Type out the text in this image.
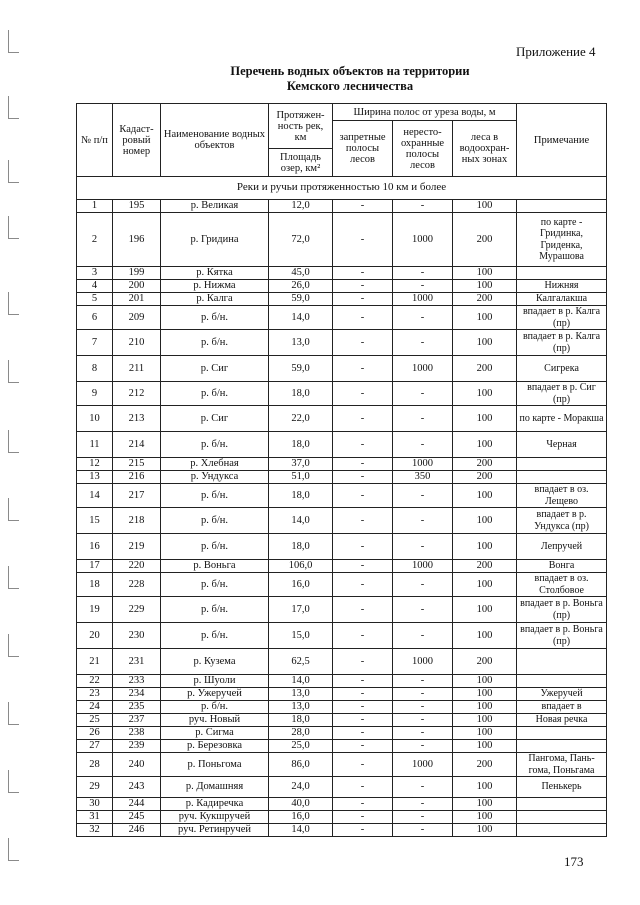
Приложение 4
Перечень водных объектов на территории
Кемского лесничества
№ п/п	Кадаст-ровый номер	Наименование водных объектов	Протяжен-ность рек, км	Ширина полос от уреза воды, м			Примечание
				запретные полосы лесов	нересто-охранные полосы лесов	леса в водоохран-ных зонах	
			Площадь озер, км²				
Реки и ручьи протяженностью 10 км и более							
1	195	р. Великая	12,0	-	-	100	
2	196	р. Гридина	72,0	-	1000	200	по карте - Гридинка, Гриденка, Мурашова
3	199	р. Кятка	45,0	-	-	100	
4	200	р. Нижма	26,0	-	-	100	Нижняя
5	201	р. Калга	59,0	-	1000	200	Калгалакша
6	209	р. б/н.	14,0	-	-	100	впадает в р. Калга (пр)
7	210	р. б/н.	13,0	-	-	100	впадает в р. Калга (пр)
8	211	р. Сиг	59,0	-	1000	200	Сигрека
9	212	р. б/н.	18,0	-	-	100	впадает в р. Сиг (пр)
10	213	р. Сиг	22,0	-	-	100	по карте - Моракша
11	214	р. б/н.	18,0	-	-	100	Черная
12	215	р. Хлебная	37,0	-	1000	200	
13	216	р. Ундукса	51,0	-	350	200	
14	217	р. б/н.	18,0	-	-	100	впадает в оз. Лещево
15	218	р. б/н.	14,0	-	-	100	впадает в р. Ундукса (пр)
16	219	р. б/н.	18,0	-	-	100	Лепручей
17	220	р. Воньга	106,0	-	1000	200	Вонга
18	228	р. б/н.	16,0	-	-	100	впадает в оз. Столбовое
19	229	р. б/н.	17,0	-	-	100	впадает в р. Воньга (пр)
20	230	р. б/н.	15,0	-	-	100	впадает в р. Воньга (пр)
21	231	р. Кузема	62,5	-	1000	200	
22	233	р. Шуоли	14,0	-	-	100	
23	234	р. Ужеручей	13,0	-	-	100	Ужеручей
24	235	р. б/н.	13,0	-	-	100	впадает в
25	237	руч. Новый	18,0	-	-	100	Новая речка
26	238	р. Сигма	28,0	-	-	100	
27	239	р. Березовка	25,0	-	-	100	
28	240	р. Поньгома	86,0	-	1000	200	Пангома, Пань-гома, Поньгама
29	243	р. Домашняя	24,0	-	-	100	Пенькерь
30	244	р. Кадиречка	40,0	-	-	100	
31	245	руч. Кукшручей	16,0	-	-	100	
32	246	руч. Ретинручей	14,0	-	-	100	
173
